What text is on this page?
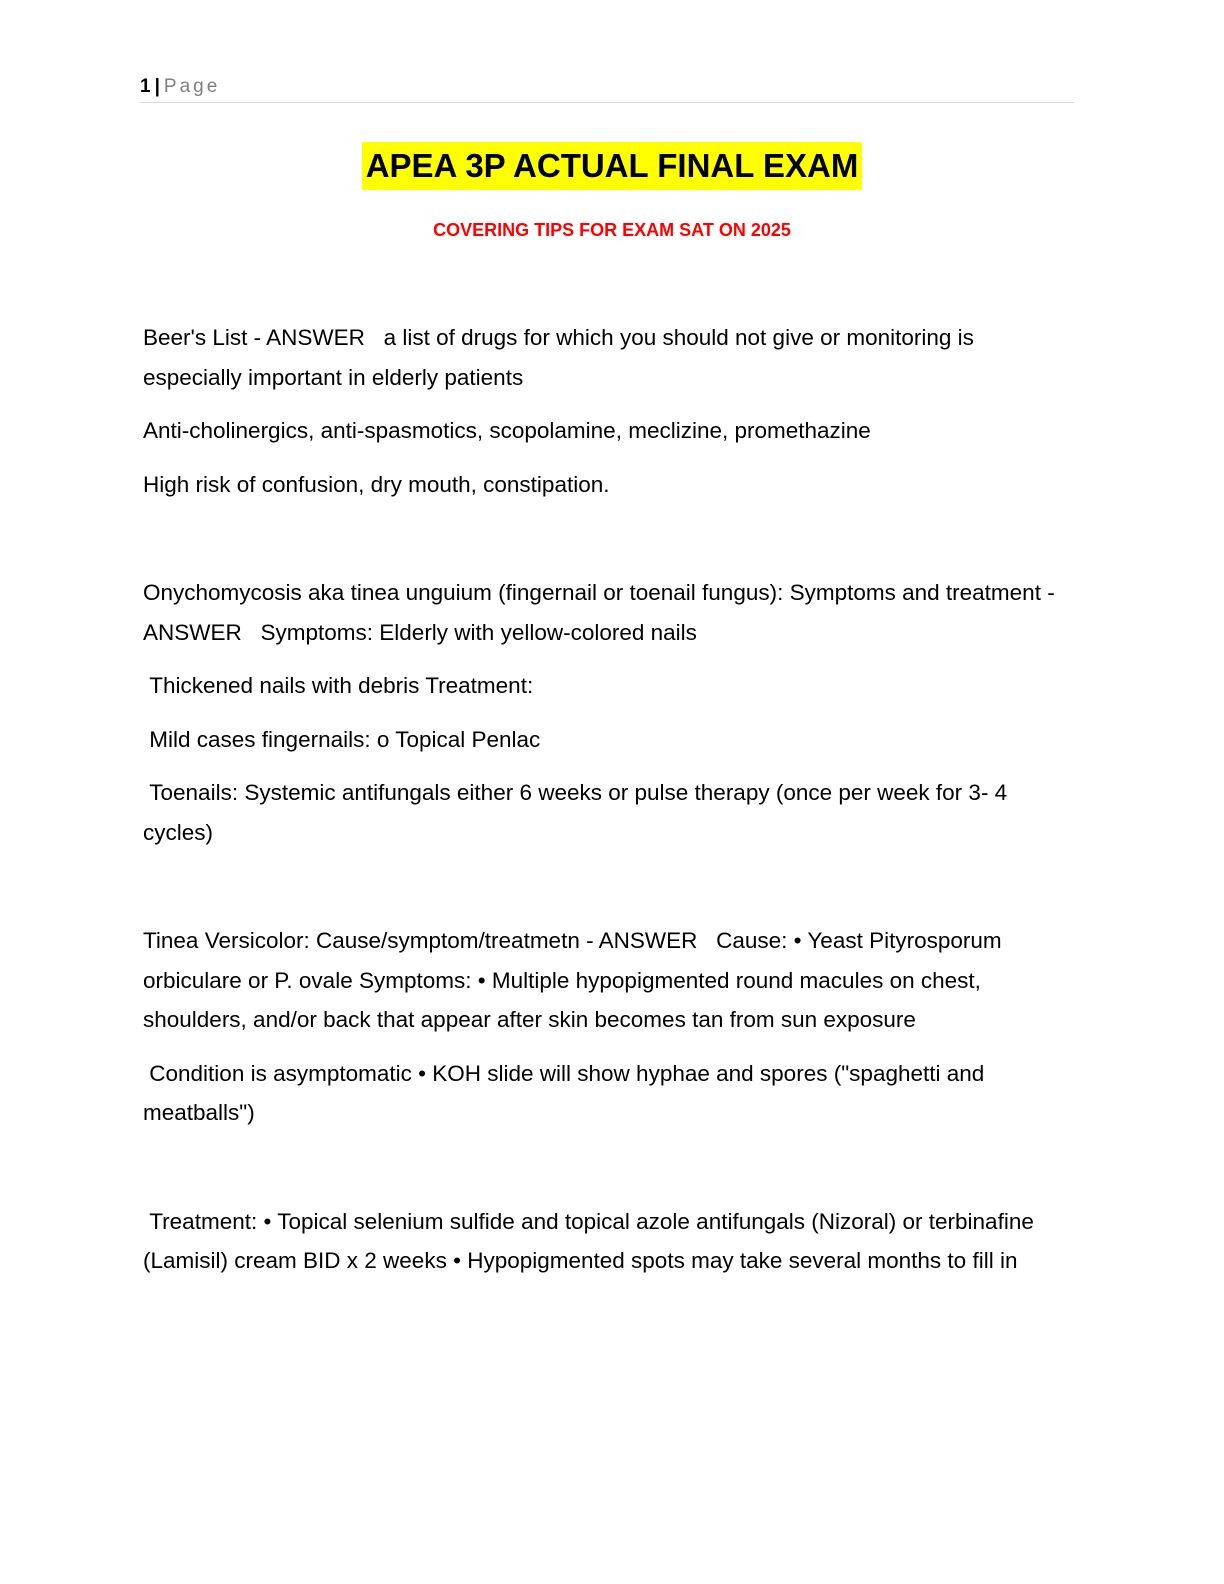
1 | Page
APEA 3P ACTUAL FINAL EXAM
COVERING TIPS FOR EXAM SAT ON 2025

Beer's List - ANSWER   a list of drugs for which you should not give or monitoring is especially important in elderly patients

Anti-cholinergics, anti-spasmotics, scopolamine, meclizine, promethazine

High risk of confusion, dry mouth, constipation.

Onychomycosis aka tinea unguium (fingernail or toenail fungus): Symptoms and treatment - ANSWER   Symptoms: Elderly with yellow-colored nails

Thickened nails with debris Treatment:

Mild cases fingernails: o Topical Penlac

Toenails: Systemic antifungals either 6 weeks or pulse therapy (once per week for 3- 4 cycles)

Tinea Versicolor: Cause/symptom/treatmetn - ANSWER   Cause: • Yeast Pityrosporum orbiculare or P. ovale Symptoms: • Multiple hypopigmented round macules on chest, shoulders, and/or back that appear after skin becomes tan from sun exposure

Condition is asymptomatic • KOH slide will show hyphae and spores ("spaghetti and meatballs")

Treatment: • Topical selenium sulfide and topical azole antifungals (Nizoral) or terbinafine (Lamisil) cream BID x 2 weeks • Hypopigmented spots may take several months to fill in
